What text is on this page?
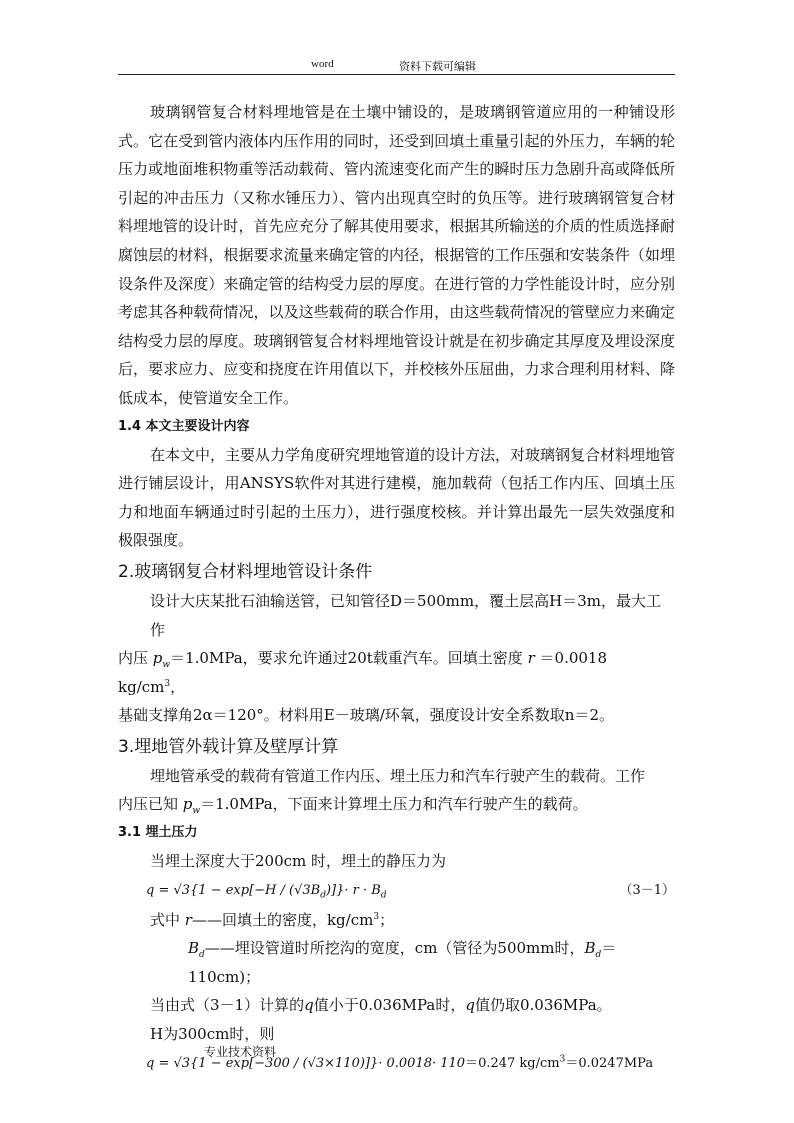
word	资料下载可编辑

玻璃钢管复合材料埋地管是在土壤中铺设的，是玻璃钢管道应用的一种铺设形式。它在受到管内液体内压作用的同时，还受到回填土重量引起的外压力，车辆的轮压力或地面堆积物重等活动载荷、管内流速变化而产生的瞬时压力急剧升高或降低所引起的冲击压力（又称水锤压力）、管内出现真空时的负压等。进行玻璃钢管复合材料埋地管的设计时，首先应充分了解其使用要求，根据其所输送的介质的性质选择耐腐蚀层的材料，根据要求流量来确定管的内径，根据管的工作压强和安装条件（如埋设条件及深度）来确定管的结构受力层的厚度。在进行管的力学性能设计时，应分别考虑其各种载荷情况，以及这些载荷的联合作用，由这些载荷情况的管壁应力来确定结构受力层的厚度。玻璃钢管复合材料埋地管设计就是在初步确定其厚度及埋设深度后，要求应力、应变和挠度在许用值以下，并校核外压屈曲，力求合理利用材料、降低成本，使管道安全工作。

1.4 本文主要设计内容

在本文中，主要从力学角度研究埋地管道的设计方法，对玻璃钢复合材料埋地管进行铺层设计，用ANSYS软件对其进行建模，施加载荷（包括工作内压、回填土压力和地面车辆通过时引起的土压力），进行强度校核。并计算出最先一层失效强度和极限强度。

2.玻璃钢复合材料埋地管设计条件

设计大庆某批石油输送管，已知管径D＝500mm，覆土层高H＝3m，最大工作
内压 $p_w=1.0MPa$，要求允许通过20t载重汽车。回填土密度 r ＝0.0018 $kg/cm^3$，
基础支撑角2α＝120°。材料用E－玻璃/环氧，强度设计安全系数取n＝2。

3.埋地管外载计算及壁厚计算

埋地管承受的载荷有管道工作内压、埋土压力和汽车行驶产生的载荷。工作
内压已知 $p_w=1.0MPa$，下面来计算埋土压力和汽车行驶产生的载荷。

3.1 埋土压力

当埋土深度大于200cm 时，埋土的静压力为
$q = √3\{1 - \exp[-H / (√3B_d)]\}\cdot r \cdot B_d$	（3－1）
式中 r——回填土的密度，$kg/cm^3$；
$B_d——$埋设管道时所挖沟的宽度，cm（管径为500mm时，$B_d=110cm$)；
当由式（3－1）计算的q值小于0.036MPa时，q值仍取0.036MPa。
H为300cm时，则
q = √3{1 − exp[−300 / (√3×110)]}· 0.0018· 110＝0.247 $kg/cm^3=0.0247MPa$
专业技术资料
